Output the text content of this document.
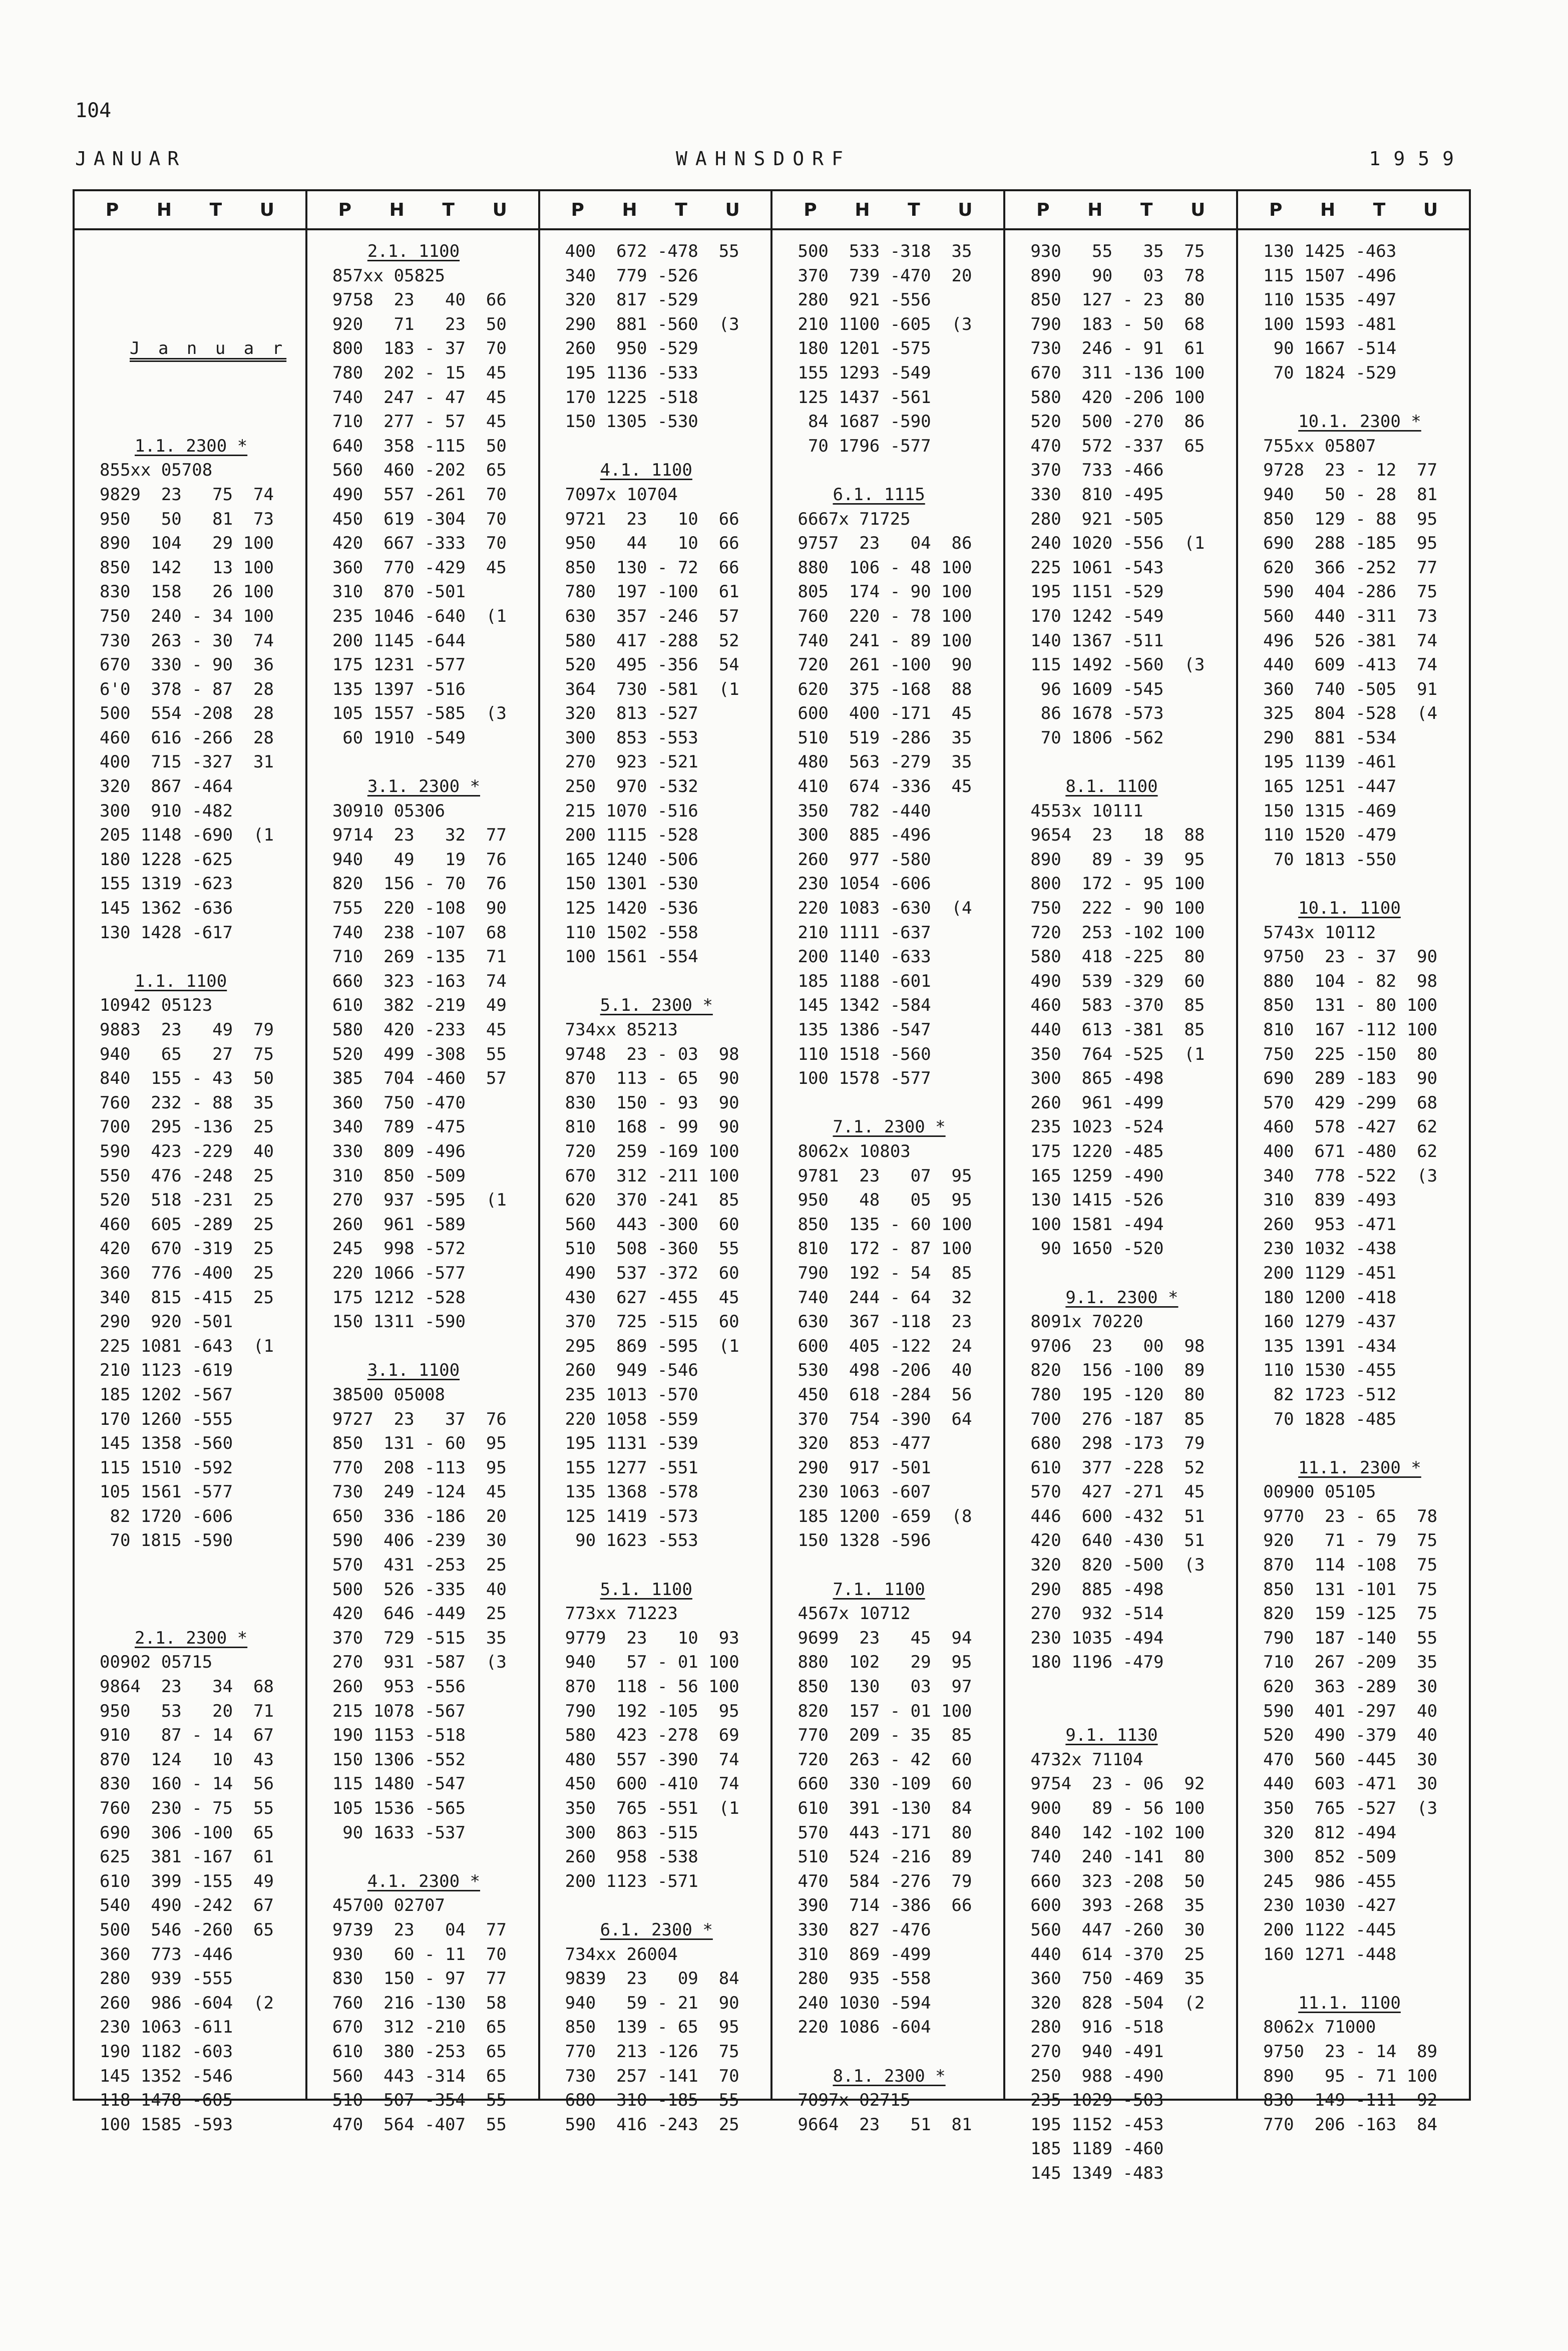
104
JANUAR	WAHNSDORF	1959
P H T U
J a n u a r
1.1. 2300 *
855xx 05708
9829  23   75  74
950   50   81  73
890  104   29 100
850  142   13 100
830  158   26 100
750  240 - 34 100
730  263 - 30  74
670  330 - 90  36
6'0  378 - 87  28
500  554 -208  28
460  616 -266  28
400  715 -327  31
320  867 -464
300  910 -482
205 1148 -690  (1
180 1228 -625
155 1319 -623
145 1362 -636
130 1428 -617
1.1. 1100
10942 05123
9883  23   49  79
940   65   27  75
840  155 - 43  50
760  232 - 88  35
700  295 -136  25
590  423 -229  40
550  476 -248  25
520  518 -231  25
460  605 -289  25
420  670 -319  25
360  776 -400  25
340  815 -415  25
290  920 -501
225 1081 -643  (1
210 1123 -619
185 1202 -567
170 1260 -555
145 1358 -560
115 1510 -592
105 1561 -577
82 1720 -606
70 1815 -590
2.1. 2300 *
00902 05715
9864  23   34  68
950   53   20  71
910   87 - 14  67
870  124   10  43
830  160 - 14  56
760  230 - 75  55
690  306 -100  65
625  381 -167  61
610  399 -155  49
540  490 -242  67
500  546 -260  65
360  773 -446
280  939 -555
260  986 -604  (2
230 1063 -611
190 1182 -603
145 1352 -546
118 1478 -605
100 1585 -593
P H T U
2.1. 1100
857xx 05825
9758  23   40  66
920   71   23  50
800  183 - 37  70
780  202 - 15  45
740  247 - 47  45
710  277 - 57  45
640  358 -115  50
560  460 -202  65
490  557 -261  70
450  619 -304  70
420  667 -333  70
360  770 -429  45
310  870 -501
235 1046 -640  (1
200 1145 -644
175 1231 -577
135 1397 -516
105 1557 -585  (3
60 1910 -549
3.1. 2300 *
30910 05306
9714  23   32  77
940   49   19  76
820  156 - 70  76
755  220 -108  90
740  238 -107  68
710  269 -135  71
660  323 -163  74
610  382 -219  49
580  420 -233  45
520  499 -308  55
385  704 -460  57
360  750 -470
340  789 -475
330  809 -496
310  850 -509
270  937 -595  (1
260  961 -589
245  998 -572
220 1066 -577
175 1212 -528
150 1311 -590
3.1. 1100
38500 05008
9727  23   37  76
850  131 - 60  95
770  208 -113  95
730  249 -124  45
650  336 -186  20
590  406 -239  30
570  431 -253  25
500  526 -335  40
420  646 -449  25
370  729 -515  35
270  931 -587  (3
260  953 -556
215 1078 -567
190 1153 -518
150 1306 -552
115 1480 -547
105 1536 -565
90 1633 -537
4.1. 2300 *
45700 02707
9739  23   04  77
930   60 - 11  70
830  150 - 97  77
760  216 -130  58
670  312 -210  65
610  380 -253  65
560  443 -314  65
510  507 -354  55
470  564 -407  55
P H T U
400  672 -478  55
340  779 -526
320  817 -529
290  881 -560  (3
260  950 -529
195 1136 -533
170 1225 -518
150 1305 -530
4.1. 1100
7097x 10704
9721  23   10  66
950   44   10  66
850  130 - 72  66
780  197 -100  61
630  357 -246  57
580  417 -288  52
520  495 -356  54
364  730 -581  (1
320  813 -527
300  853 -553
270  923 -521
250  970 -532
215 1070 -516
200 1115 -528
165 1240 -506
150 1301 -530
125 1420 -536
110 1502 -558
100 1561 -554
5.1. 2300 *
734xx 85213
9748  23 - 03  98
870  113 - 65  90
830  150 - 93  90
810  168 - 99  90
720  259 -169 100
670  312 -211 100
620  370 -241  85
560  443 -300  60
510  508 -360  55
490  537 -372  60
430  627 -455  45
370  725 -515  60
295  869 -595  (1
260  949 -546
235 1013 -570
220 1058 -559
195 1131 -539
155 1277 -551
135 1368 -578
125 1419 -573
90 1623 -553
5.1. 1100
773xx 71223
9779  23   10  93
940   57 - 01 100
870  118 - 56 100
790  192 -105  95
580  423 -278  69
480  557 -390  74
450  600 -410  74
350  765 -551  (1
300  863 -515
260  958 -538
200 1123 -571
6.1. 2300 *
734xx 26004
9839  23   09  84
940   59 - 21  90
850  139 - 65  95
770  213 -126  75
730  257 -141  70
680  310 -185  55
590  416 -243  25
P H T U
500  533 -318  35
370  739 -470  20
280  921 -556
210 1100 -605  (3
180 1201 -575
155 1293 -549
125 1437 -561
84 1687 -590
70 1796 -577
6.1. 1115
6667x 71725
9757  23   04  86
880  106 - 48 100
805  174 - 90 100
760  220 - 78 100
740  241 - 89 100
720  261 -100  90
620  375 -168  88
600  400 -171  45
510  519 -286  35
480  563 -279  35
410  674 -336  45
350  782 -440
300  885 -496
260  977 -580
230 1054 -606
220 1083 -630  (4
210 1111 -637
200 1140 -633
185 1188 -601
145 1342 -584
135 1386 -547
110 1518 -560
100 1578 -577
7.1. 2300 *
8062x 10803
9781  23   07  95
950   48   05  95
850  135 - 60 100
810  172 - 87 100
790  192 - 54  85
740  244 - 64  32
630  367 -118  23
600  405 -122  24
530  498 -206  40
450  618 -284  56
370  754 -390  64
320  853 -477
290  917 -501
230 1063 -607
185 1200 -659  (8
150 1328 -596
7.1. 1100
4567x 10712
9699  23   45  94
880  102   29  95
850  130   03  97
820  157 - 01 100
770  209 - 35  85
720  263 - 42  60
660  330 -109  60
610  391 -130  84
570  443 -171  80
510  524 -216  89
470  584 -276  79
390  714 -386  66
330  827 -476
310  869 -499
280  935 -558
240 1030 -594
220 1086 -604
8.1. 2300 *
7097x 02715
9664  23   51  81
P H T U
930   55   35  75
890   90   03  78
850  127 - 23  80
790  183 - 50  68
730  246 - 91  61
670  311 -136 100
580  420 -206 100
520  500 -270  86
470  572 -337  65
370  733 -466
330  810 -495
280  921 -505
240 1020 -556  (1
225 1061 -543
195 1151 -529
170 1242 -549
140 1367 -511
115 1492 -560  (3
96 1609 -545
86 1678 -573
70 1806 -562
8.1. 1100
4553x 10111
9654  23   18  88
890   89 - 39  95
800  172 - 95 100
750  222 - 90 100
720  253 -102 100
580  418 -225  80
490  539 -329  60
460  583 -370  85
440  613 -381  85
350  764 -525  (1
300  865 -498
260  961 -499
235 1023 -524
175 1220 -485
165 1259 -490
130 1415 -526
100 1581 -494
90 1650 -520
9.1. 2300 *
8091x 70220
9706  23   00  98
820  156 -100  89
780  195 -120  80
700  276 -187  85
680  298 -173  79
610  377 -228  52
570  427 -271  45
446  600 -432  51
420  640 -430  51
320  820 -500  (3
290  885 -498
270  932 -514
230 1035 -494
180 1196 -479
9.1. 1130
4732x 71104
9754  23 - 06  92
900   89 - 56 100
840  142 -102 100
740  240 -141  80
660  323 -208  50
600  393 -268  35
560  447 -260  30
440  614 -370  25
360  750 -469  35
320  828 -504  (2
280  916 -518
270  940 -491
250  988 -490
235 1029 -503
195 1152 -453
185 1189 -460
145 1349 -483
P H T U
130 1425 -463
115 1507 -496
110 1535 -497
100 1593 -481
90 1667 -514
70 1824 -529
10.1. 2300 *
755xx 05807
9728  23 - 12  77
940   50 - 28  81
850  129 - 88  95
690  288 -185  95
620  366 -252  77
590  404 -286  75
560  440 -311  73
496  526 -381  74
440  609 -413  74
360  740 -505  91
325  804 -528  (4
290  881 -534
195 1139 -461
165 1251 -447
150 1315 -469
110 1520 -479
70 1813 -550
10.1. 1100
5743x 10112
9750  23 - 37  90
880  104 - 82  98
850  131 - 80 100
810  167 -112 100
750  225 -150  80
690  289 -183  90
570  429 -299  68
460  578 -427  62
400  671 -480  62
340  778 -522  (3
310  839 -493
260  953 -471
230 1032 -438
200 1129 -451
180 1200 -418
160 1279 -437
135 1391 -434
110 1530 -455
82 1723 -512
70 1828 -485
11.1. 2300 *
00900 05105
9770  23 - 65  78
920   71 - 79  75
870  114 -108  75
850  131 -101  75
820  159 -125  75
790  187 -140  55
710  267 -209  35
620  363 -289  30
590  401 -297  40
520  490 -379  40
470  560 -445  30
440  603 -471  30
350  765 -527  (3
320  812 -494
300  852 -509
245  986 -455
230 1030 -427
200 1122 -445
160 1271 -448
11.1. 1100
8062x 71000
9750  23 - 14  89
890   95 - 71 100
830  149 -111  92
770  206 -163  84
